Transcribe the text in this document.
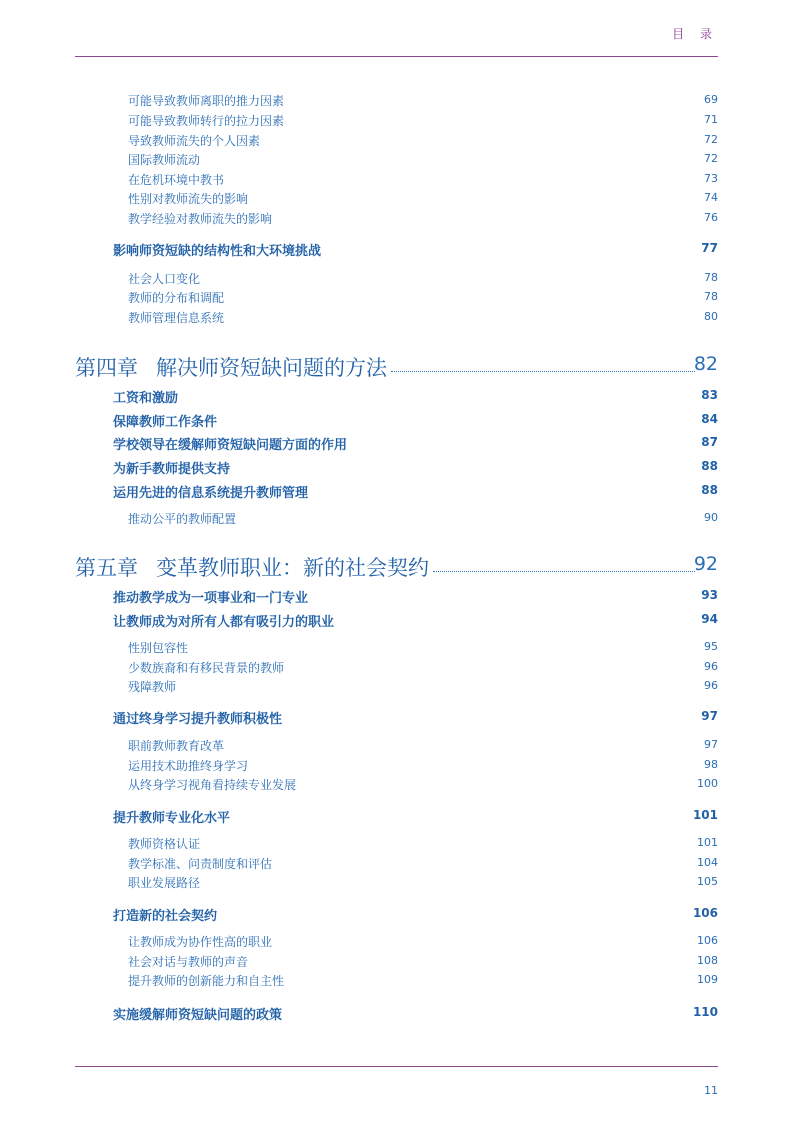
目 录
可能导致教师离职的推力因素	69
可能导致教师转行的拉力因素	71
导致教师流失的个人因素	72
国际教师流动	72
在危机环境中教书	73
性别对教师流失的影响	74
教学经验对教师流失的影响	76
影响师资短缺的结构性和大环境挑战	77
社会人口变化	78
教师的分布和调配	78
教师管理信息系统	80
第四章 解决师资短缺问题的方法	82
工资和激励	83
保障教师工作条件	84
学校领导在缓解师资短缺问题方面的作用	87
为新手教师提供支持	88
运用先进的信息系统提升教师管理	88
推动公平的教师配置	90
第五章 变革教师职业：新的社会契约	92
推动教学成为一项事业和一门专业	93
让教师成为对所有人都有吸引力的职业	94
性别包容性	95
少数族裔和有移民背景的教师	96
残障教师	96
通过终身学习提升教师积极性	97
职前教师教育改革	97
运用技术助推终身学习	98
从终身学习视角看持续专业发展	100
提升教师专业化水平	101
教师资格认证	101
教学标准、问责制度和评估	104
职业发展路径	105
打造新的社会契约	106
让教师成为协作性高的职业	106
社会对话与教师的声音	108
提升教师的创新能力和自主性	109
实施缓解师资短缺问题的政策	110
11
